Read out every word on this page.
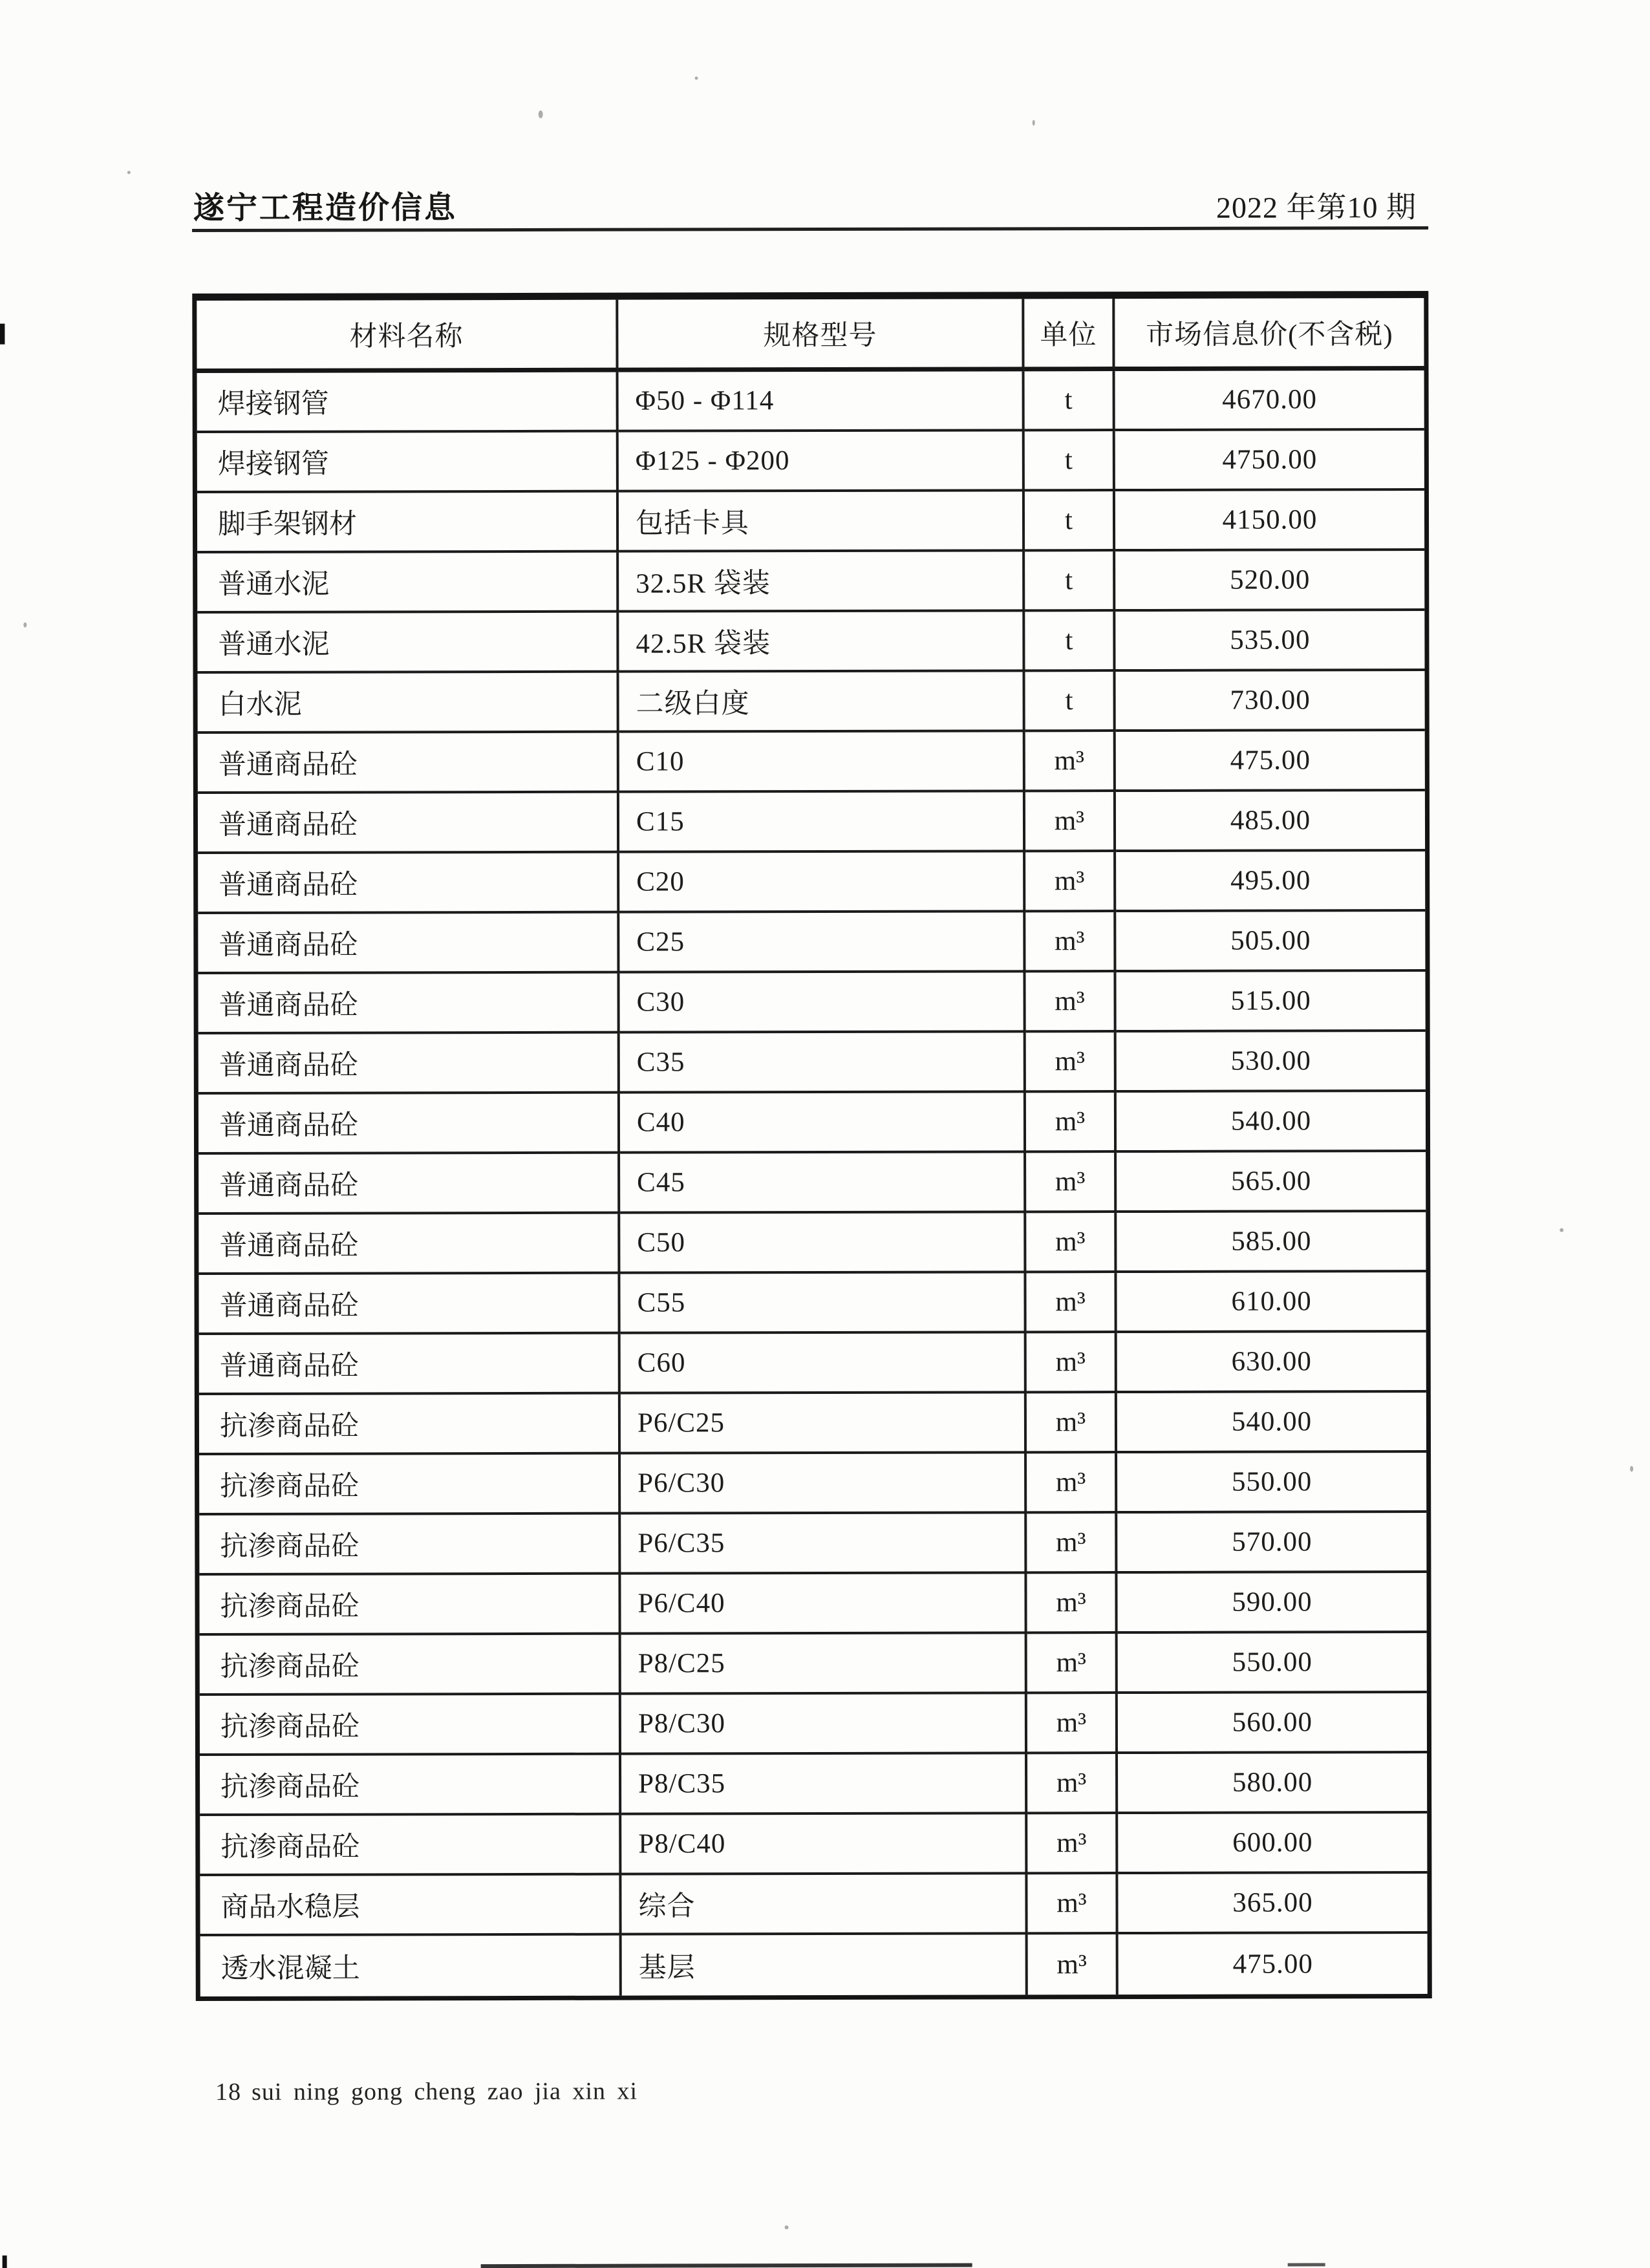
遂宁工程造价信息	2022 年第10 期
材料名称	规格型号	单位	市场信息价(不含税)
焊接钢管	Φ50 - Φ114	t	4670.00
焊接钢管	Φ125 - Φ200	t	4750.00
脚手架钢材	包括卡具	t	4150.00
普通水泥	32.5R 袋装	t	520.00
普通水泥	42.5R 袋装	t	535.00
白水泥	二级白度	t	730.00
普通商品砼	C10	m³	475.00
普通商品砼	C15	m³	485.00
普通商品砼	C20	m³	495.00
普通商品砼	C25	m³	505.00
普通商品砼	C30	m³	515.00
普通商品砼	C35	m³	530.00
普通商品砼	C40	m³	540.00
普通商品砼	C45	m³	565.00
普通商品砼	C50	m³	585.00
普通商品砼	C55	m³	610.00
普通商品砼	C60	m³	630.00
抗渗商品砼	P6/C25	m³	540.00
抗渗商品砼	P6/C30	m³	550.00
抗渗商品砼	P6/C35	m³	570.00
抗渗商品砼	P6/C40	m³	590.00
抗渗商品砼	P8/C25	m³	550.00
抗渗商品砼	P8/C30	m³	560.00
抗渗商品砼	P8/C35	m³	580.00
抗渗商品砼	P8/C40	m³	600.00
商品水稳层	综合	m³	365.00
透水混凝土	基层	m³	475.00
18 sui ning gong cheng zao jia xin xi
